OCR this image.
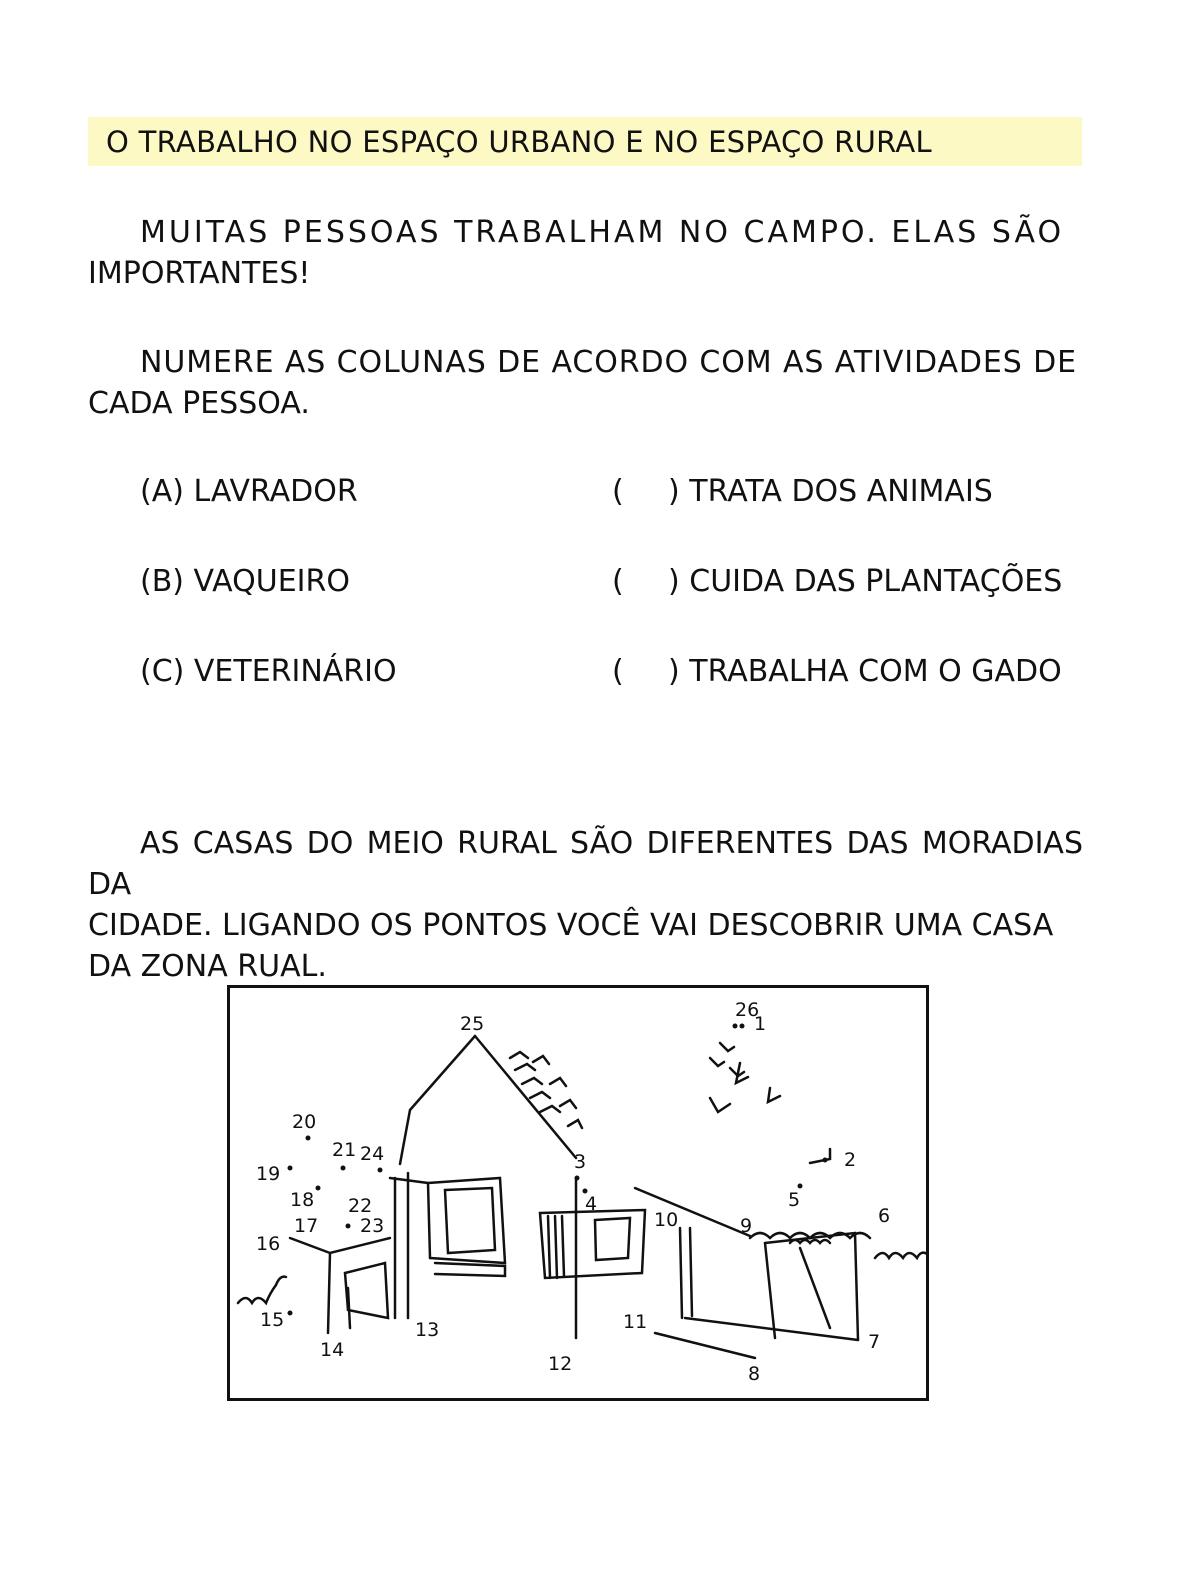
O TRABALHO NO ESPAÇO URBANO E NO ESPAÇO RURAL
MUITAS PESSOAS TRABALHAM NO CAMPO. ELAS SÃO
IMPORTANTES!
NUMERE AS COLUNAS DE ACORDO COM AS ATIVIDADES DE
CADA PESSOA.
(A) LAVRADOR
(B) VAQUEIRO
(C) VETERINÁRIO
( ) TRATA DOS ANIMAIS
( ) CUIDA DAS PLANTAÇÕES
( ) TRABALHA COM O GADO
AS CASAS DO MEIO RURAL SÃO DIFERENTES DAS MORADIAS DA
CIDADE. LIGANDO OS PONTOS VOCÊ VAI DESCOBRIR UMA CASA
DA ZONA RUAL.
26
1
2
3
4	5
6
7
8
9
10
11
12
13
14
15
16
17
18
19
20
21
22
23
24
25
